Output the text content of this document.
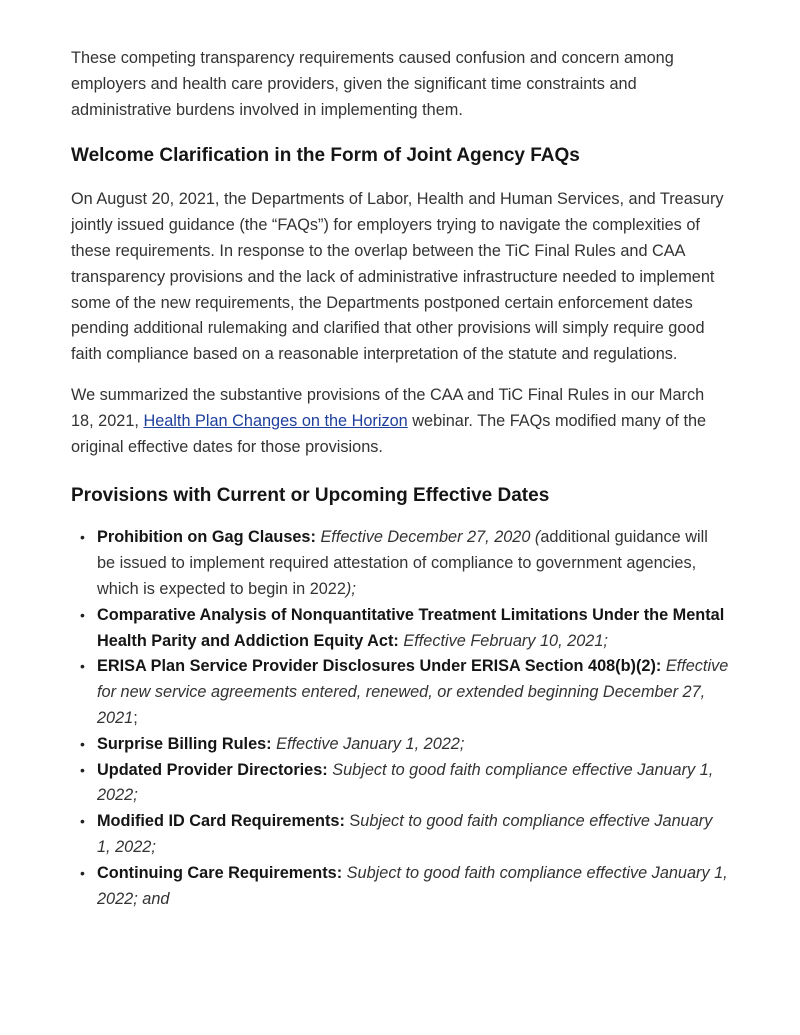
These competing transparency requirements caused confusion and concern among employers and health care providers, given the significant time constraints and administrative burdens involved in implementing them.

Welcome Clarification in the Form of Joint Agency FAQs

On August 20, 2021, the Departments of Labor, Health and Human Services, and Treasury jointly issued guidance (the “FAQs”) for employers trying to navigate the complexities of these requirements. In response to the overlap between the TiC Final Rules and CAA transparency provisions and the lack of administrative infrastructure needed to implement some of the new requirements, the Departments postponed certain enforcement dates pending additional rulemaking and clarified that other provisions will simply require good faith compliance based on a reasonable interpretation of the statute and regulations.

We summarized the substantive provisions of the CAA and TiC Final Rules in our March 18, 2021, Health Plan Changes on the Horizon webinar. The FAQs modified many of the original effective dates for those provisions.

Provisions with Current or Upcoming Effective Dates
• Prohibition on Gag Clauses: Effective December 27, 2020 (additional guidance will be issued to implement required attestation of compliance to government agencies, which is expected to begin in 2022);
• Comparative Analysis of Nonquantitative Treatment Limitations Under the Mental Health Parity and Addiction Equity Act: Effective February 10, 2021;
• ERISA Plan Service Provider Disclosures Under ERISA Section 408(b)(2): Effective for new service agreements entered, renewed, or extended beginning December 27, 2021;
• Surprise Billing Rules: Effective January 1, 2022;
• Updated Provider Directories: Subject to good faith compliance effective January 1, 2022;
• Modified ID Card Requirements: Subject to good faith compliance effective January 1, 2022;
• Continuing Care Requirements: Subject to good faith compliance effective January 1, 2022; and
